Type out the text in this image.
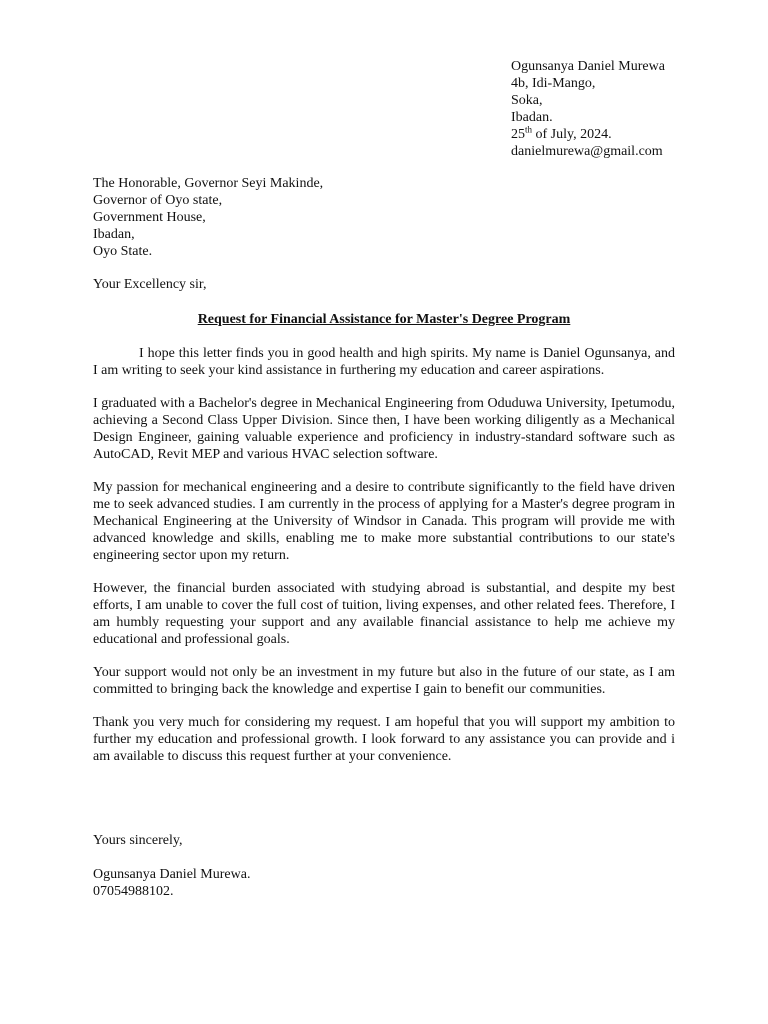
Ogunsanya Daniel Murewa
4b, Idi-Mango,
Soka,
Ibadan.
25th of July, 2024.
danielmurewa@gmail.com
The Honorable, Governor Seyi Makinde,
Governor of Oyo state,
Government House,
Ibadan,
Oyo State.
Your Excellency sir,
Request for Financial Assistance for Master's Degree Program

I hope this letter finds you in good health and high spirits. My name is Daniel Ogunsanya, and I am writing to seek your kind assistance in furthering my education and career aspirations.

I graduated with a Bachelor's degree in Mechanical Engineering from Oduduwa University, Ipetumodu, achieving a Second Class Upper Division. Since then, I have been working diligently as a Mechanical Design Engineer, gaining valuable experience and proficiency in industry-standard software such as AutoCAD, Revit MEP and various HVAC selection software.

My passion for mechanical engineering and a desire to contribute significantly to the field have driven me to seek advanced studies. I am currently in the process of applying for a Master's degree program in Mechanical Engineering at the University of Windsor in Canada. This program will provide me with advanced knowledge and skills, enabling me to make more substantial contributions to our state's engineering sector upon my return.

However, the financial burden associated with studying abroad is substantial, and despite my best efforts, I am unable to cover the full cost of tuition, living expenses, and other related fees. Therefore, I am humbly requesting your support and any available financial assistance to help me achieve my educational and professional goals.

Your support would not only be an investment in my future but also in the future of our state, as I am committed to bringing back the knowledge and expertise I gain to benefit our communities.

Thank you very much for considering my request. I am hopeful that you will support my ambition to further my education and professional growth. I look forward to any assistance you can provide and i am available to discuss this request further at your convenience.

Yours sincerely,
Ogunsanya Daniel Murewa.
07054988102.
